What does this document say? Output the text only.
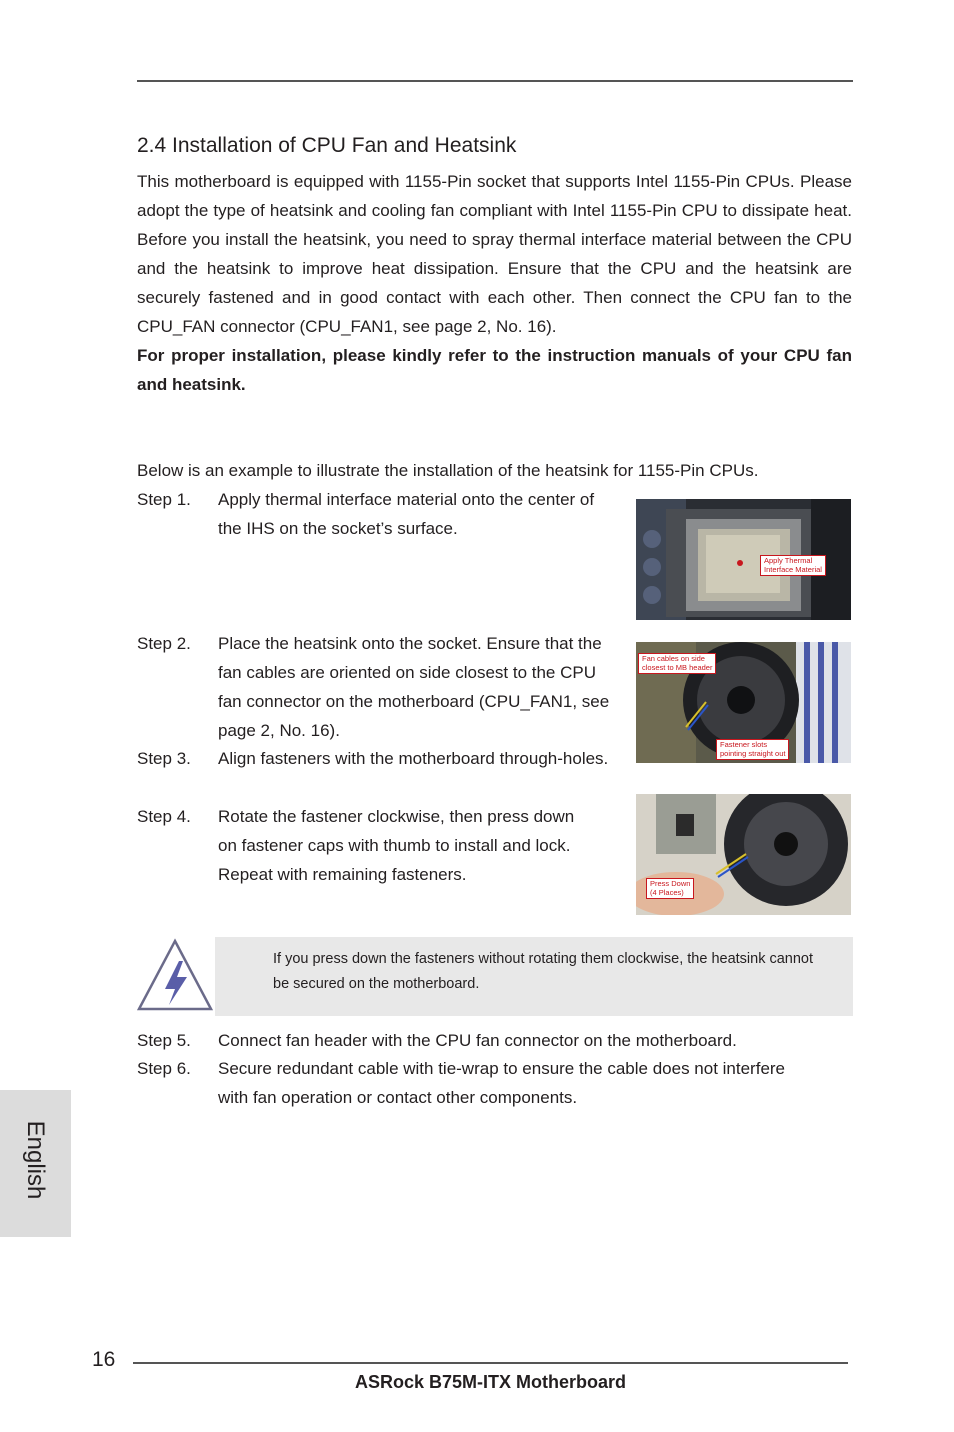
2.4 Installation of CPU Fan and Heatsink

This motherboard is equipped with 1155-Pin socket that supports Intel 1155-Pin CPUs. Please adopt the type of heatsink and cooling fan compliant with Intel 1155-Pin CPU to dissipate heat. Before you install the heatsink, you need to spray thermal interface material between the CPU and the heatsink to improve heat dissipation. Ensure that the CPU and the heatsink are securely fastened and in good contact with each other. Then connect the CPU fan to the CPU_FAN connector (CPU_FAN1, see page 2, No. 16).

For proper installation, please kindly refer to the instruction manuals of your CPU fan and heatsink.

Below is an example to illustrate the installation of the heatsink for 1155-Pin CPUs.

Step 1. Apply thermal interface material onto the center of the IHS on the socket’s surface.
Apply Thermal
Interface Material
Step 2. Place the heatsink onto the socket. Ensure that the fan cables are oriented on side closest to the CPU fan connector on the motherboard (CPU_FAN1, see page 2, No. 16).
Fan cables on side
closest to MB header
Fastener slots
pointing straight out
Step 3. Align fasteners with the motherboard through-holes.
Step 4. Rotate the fastener clockwise, then press down on fastener caps with thumb to install and lock. Repeat with remaining fasteners.	Press Down
(4 Places)
If you press down the fasteners without rotating them clockwise, the heatsink cannot be secured on the motherboard.
Step 5. Connect fan header with the CPU fan connector on the motherboard.
Step 6. Secure redundant cable with tie-wrap to ensure the cable does not interfere with fan operation or contact other components.
English
16
ASRock B75M-ITX Motherboard
